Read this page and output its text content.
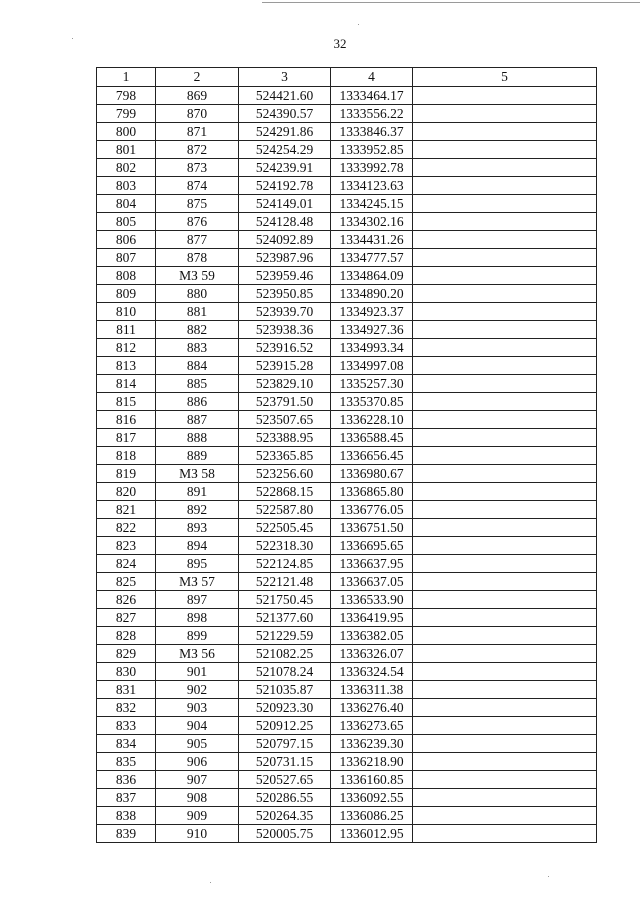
32
1	2	3	4	5
798	869	524421.60	1333464.17	
799	870	524390.57	1333556.22	
800	871	524291.86	1333846.37	
801	872	524254.29	1333952.85	
802	873	524239.91	1333992.78	
803	874	524192.78	1334123.63	
804	875	524149.01	1334245.15	
805	876	524128.48	1334302.16	
806	877	524092.89	1334431.26	
807	878	523987.96	1334777.57	
808	МЗ 59	523959.46	1334864.09	
809	880	523950.85	1334890.20	
810	881	523939.70	1334923.37	
811	882	523938.36	1334927.36	
812	883	523916.52	1334993.34	
813	884	523915.28	1334997.08	
814	885	523829.10	1335257.30	
815	886	523791.50	1335370.85	
816	887	523507.65	1336228.10	
817	888	523388.95	1336588.45	
818	889	523365.85	1336656.45	
819	МЗ 58	523256.60	1336980.67	
820	891	522868.15	1336865.80	
821	892	522587.80	1336776.05	
822	893	522505.45	1336751.50	
823	894	522318.30	1336695.65	
824	895	522124.85	1336637.95	
825	МЗ 57	522121.48	1336637.05	
826	897	521750.45	1336533.90	
827	898	521377.60	1336419.95	
828	899	521229.59	1336382.05	
829	МЗ 56	521082.25	1336326.07	
830	901	521078.24	1336324.54	
831	902	521035.87	1336311.38	
832	903	520923.30	1336276.40	
833	904	520912.25	1336273.65	
834	905	520797.15	1336239.30	
835	906	520731.15	1336218.90	
836	907	520527.65	1336160.85	
837	908	520286.55	1336092.55	
838	909	520264.35	1336086.25	
839	910	520005.75	1336012.95	
